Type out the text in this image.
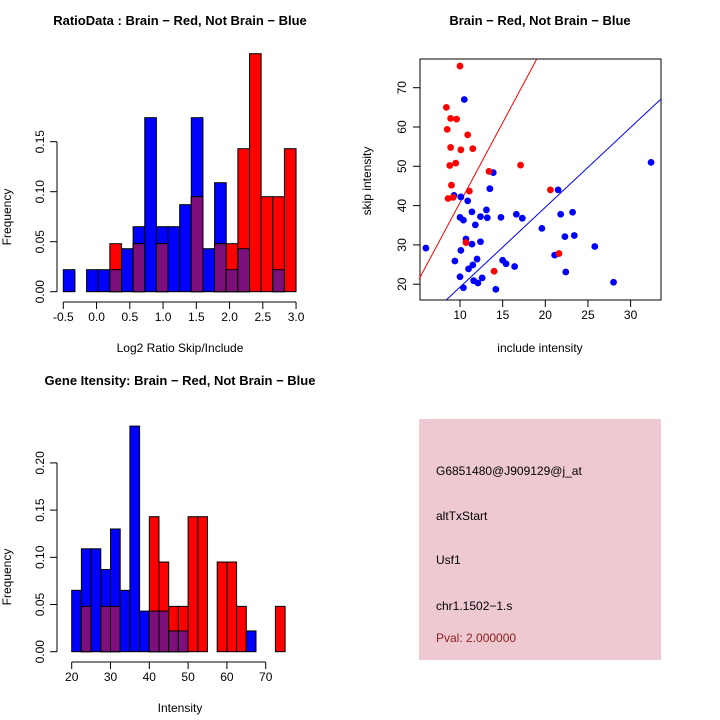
RatioData : Brain − Red, Not Brain − Blue
Frequency
Log2 Ratio Skip/Include
0.00
0.05
0.10
0.15
-0.5 0.0 0.5 1.0 1.5 2.0 2.5 3.0
Brain − Red, Not Brain − Blue
skip intensity
include intensity
10 15 20 25 30
20
30
40
50
60
70
Gene Itensity: Brain − Red, Not Brain − Blue
Frequency
Intensity
0.00
0.05
0.10
0.15
0.20
20 30 40 50 60 70
G6851480@J909129@j_at
altTxStart
Usf1
chr1.1502−1.s
Pval: 2.000000
